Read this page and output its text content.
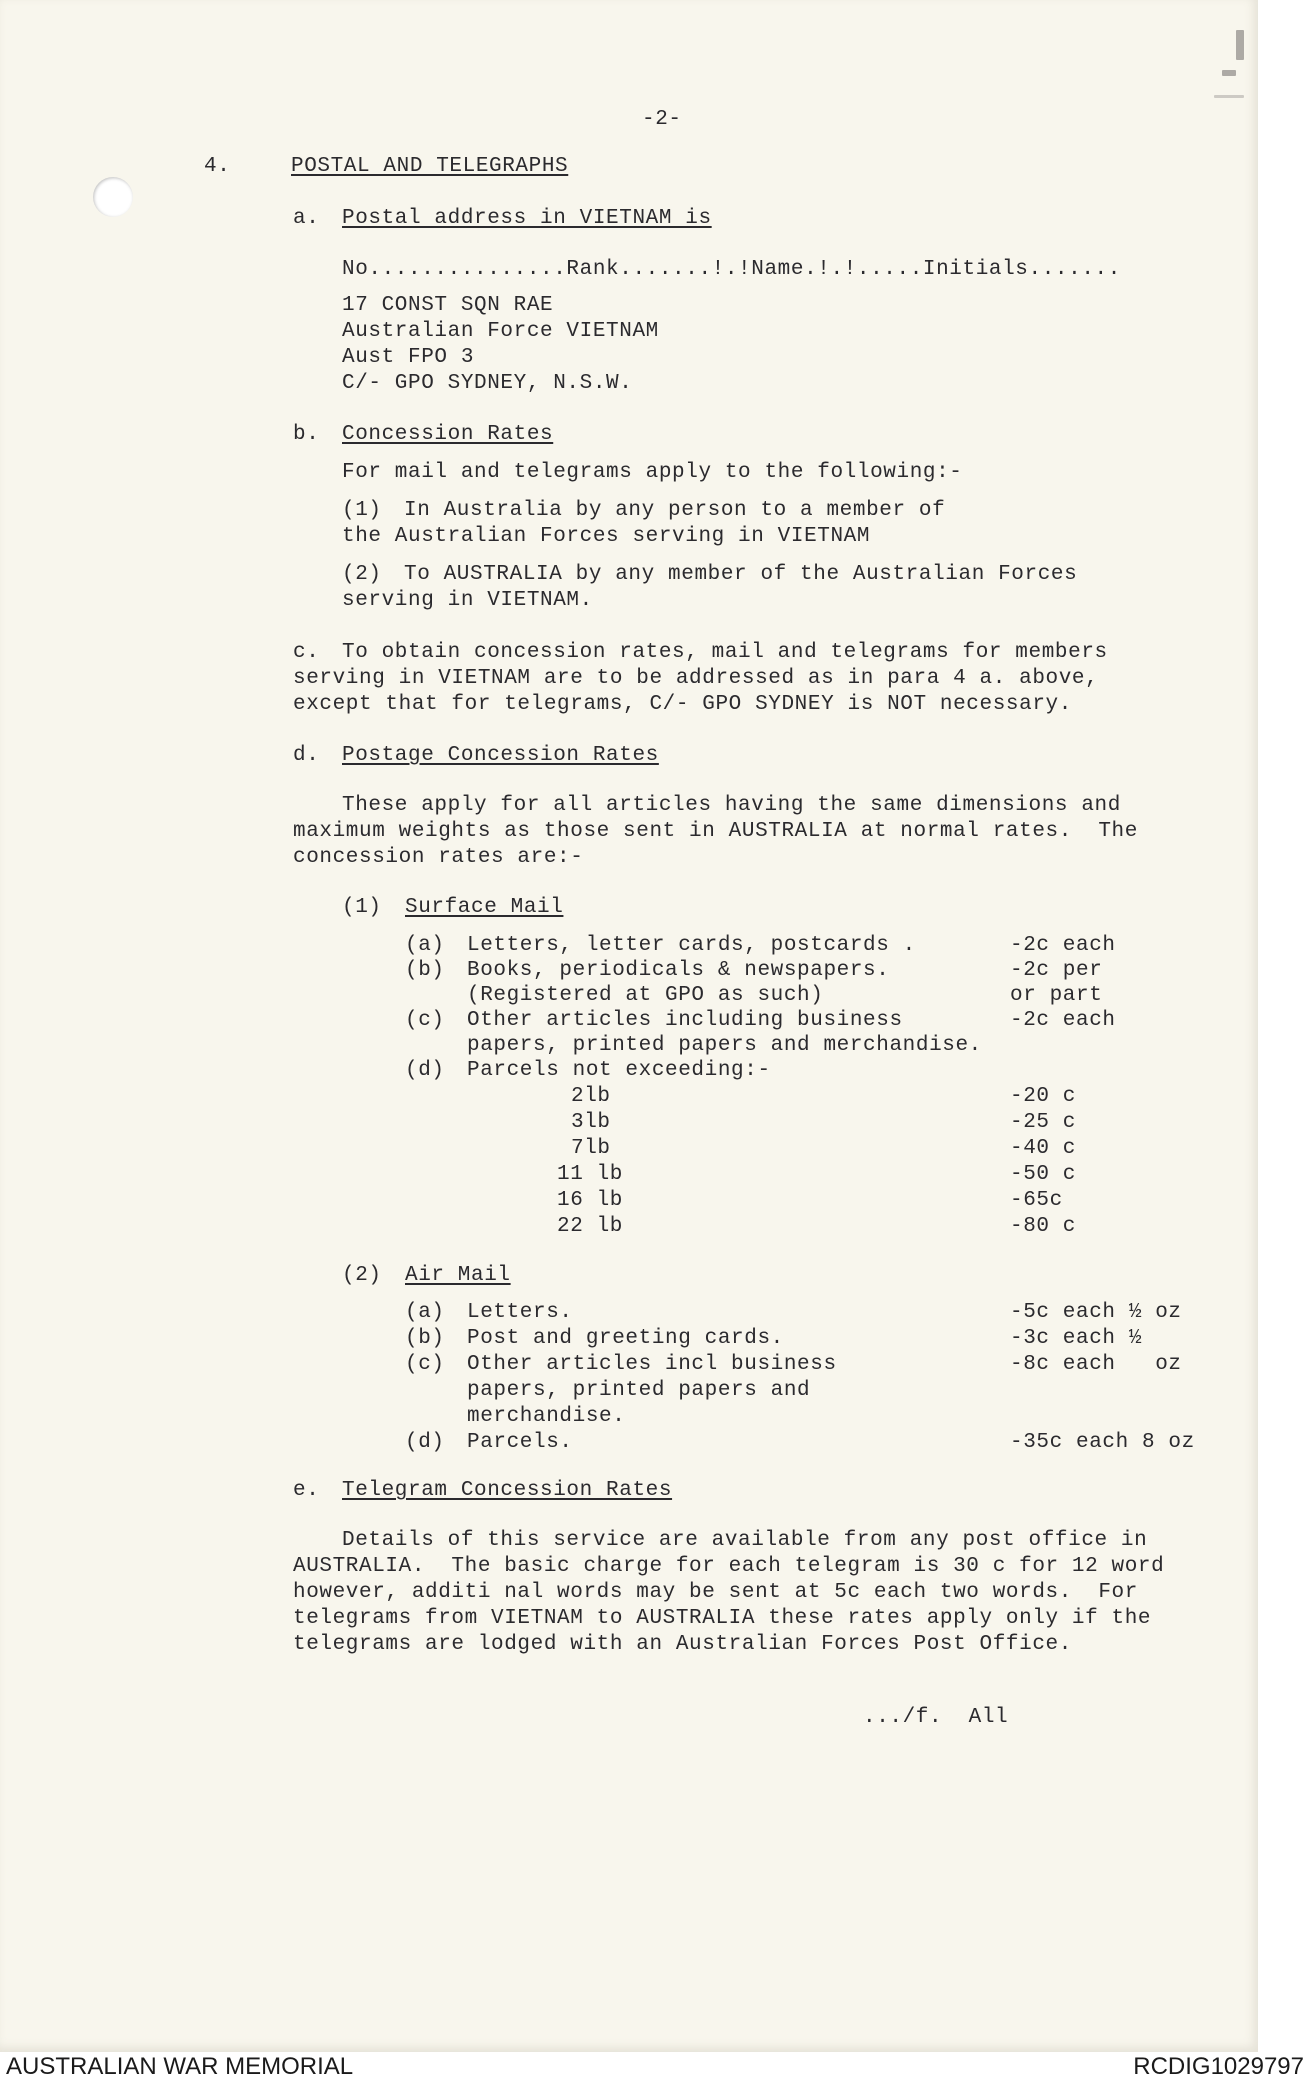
-2-
4.	POSTAL AND TELEGRAPHS
a. Postal address in VIETNAM is
No...............Rank.......!.!Name.!.!.....Initials.......
17 CONST SQN RAE
Australian Force VIETNAM
Aust FPO 3
C/- GPO SYDNEY, N.S.W.
b. Concession Rates
For mail and telegrams apply to the following:-
(1) In Australia by any person to a member of
the Australian Forces serving in VIETNAM
(2) To AUSTRALIA by any member of the Australian Forces
serving in VIETNAM.
c. To obtain concession rates, mail and telegrams for members
serving in VIETNAM are to be addressed as in para 4 a. above,
except that for telegrams, C/- GPO SYDNEY is NOT necessary.
d. Postage Concession Rates
These apply for all articles having the same dimensions and
maximum weights as those sent in AUSTRALIA at normal rates.  The
concession rates are:-
(1) Surface Mail
(a) Letters, letter cards, postcards .	-2c each
(b) Books, periodicals & newspapers.	-2c per
(Registered at GPO as such)	or part
(c) Other articles including business	-2c each
papers, printed papers and merchandise.
(d) Parcels not exceeding:-
2lb	-20 c
3lb	-25 c
7lb	-40 c
11 lb	-50 c
16 lb	-65c
22 lb	-80 c
(2) Air Mail
(a) Letters.	-5c each ½ oz
(b) Post and greeting cards.	-3c each ½
(c) Other articles incl business	-8c each   oz
papers, printed papers and
merchandise.
(d) Parcels.	-35c each 8 oz
e. Telegram Concession Rates
Details of this service are available from any post office in
AUSTRALIA.  The basic charge for each telegram is 30 c for 12 word
however, additi nal words may be sent at 5c each two words.  For
telegrams from VIETNAM to AUSTRALIA these rates apply only if the
telegrams are lodged with an Australian Forces Post Office.
.../f.  All
AUSTRALIAN WAR MEMORIAL	RCDIG1029797
